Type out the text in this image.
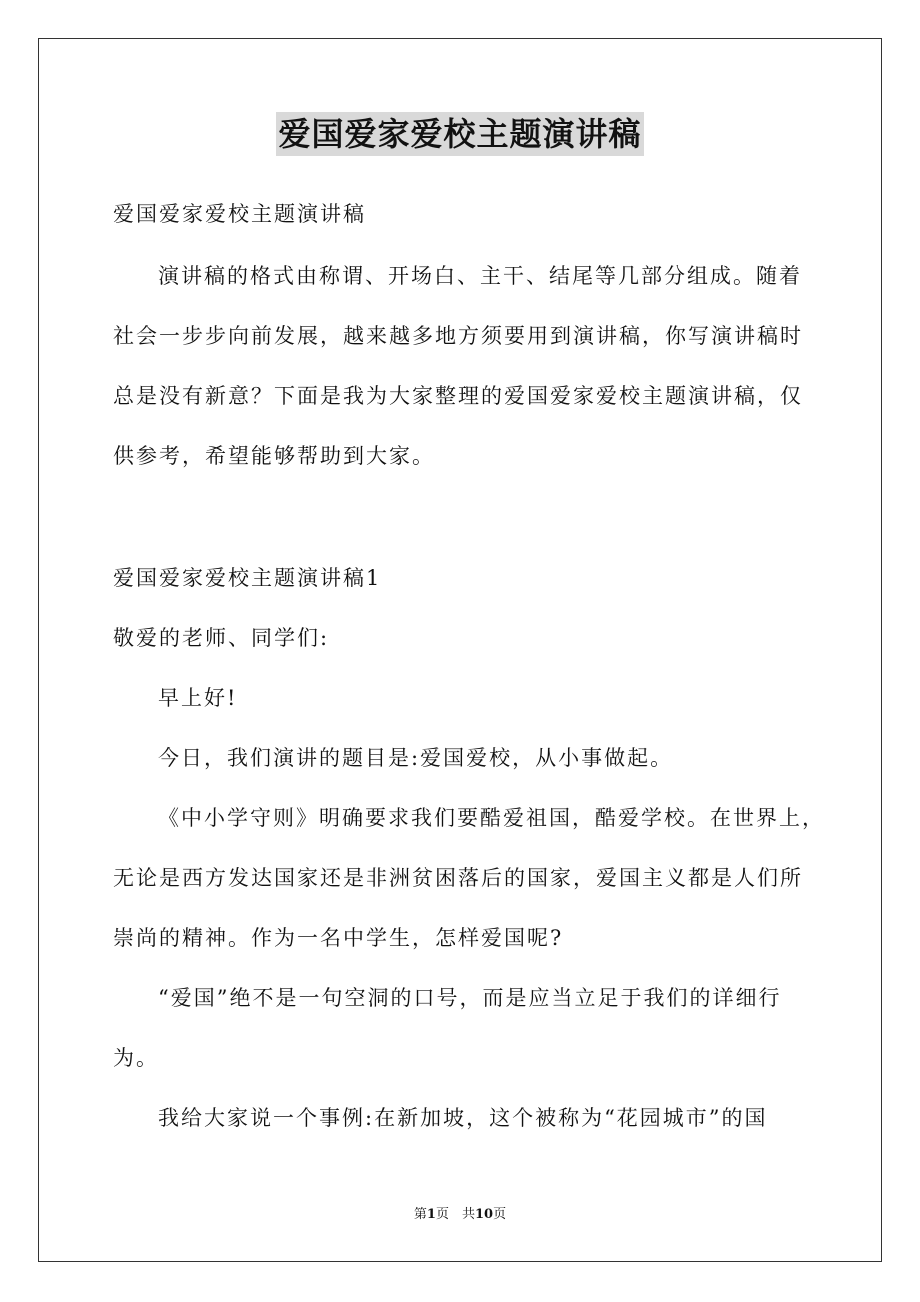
爱国爱家爱校主题演讲稿
爱国爱家爱校主题演讲稿
演讲稿的格式由称谓、开场白、主干、结尾等几部分组成。随着
社会一步步向前发展，越来越多地方须要用到演讲稿，你写演讲稿时
总是没有新意？下面是我为大家整理的爱国爱家爱校主题演讲稿，仅
供参考，希望能够帮助到大家。
爱国爱家爱校主题演讲稿1
敬爱的老师、同学们:
早上好!
今日，我们演讲的题目是:爱国爱校，从小事做起。
《中小学守则》明确要求我们要酷爱祖国，酷爱学校。在世界上，
无论是西方发达国家还是非洲贫困落后的国家，爱国主义都是人们所
崇尚的精神。作为一名中学生，怎样爱国呢?
“爱国”绝不是一句空洞的口号，而是应当立足于我们的详细行
为。
我给大家说一个事例:在新加坡，这个被称为“花园城市”的国
第1页　共10页
